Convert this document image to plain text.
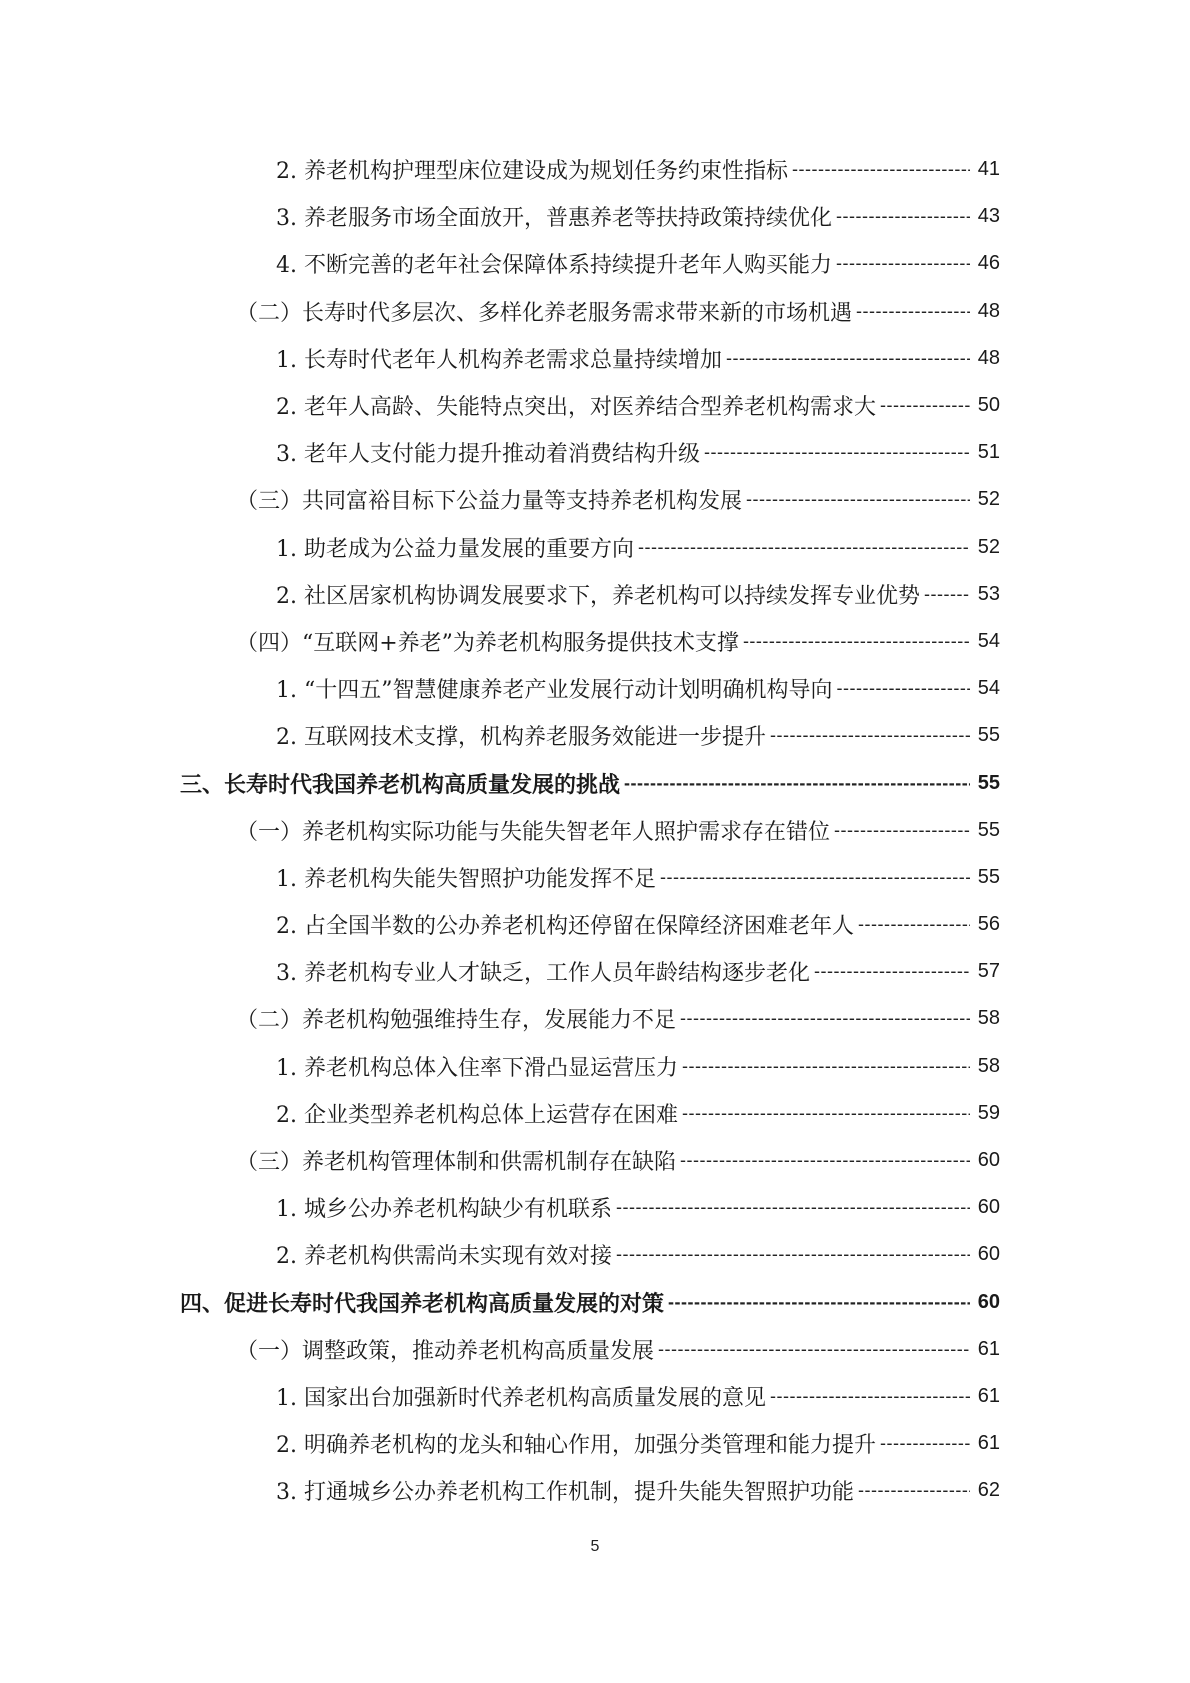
2. 养老机构护理型床位建设成为规划任务约束性指标 -----	41
3. 养老服务市场全面放开，普惠养老等扶持政策持续优化 -----	43
4. 不断完善的老年社会保障体系持续提升老年人购买能力 -----	46
（二）长寿时代多层次、多样化养老服务需求带来新的市场机遇 -----	48
1. 长寿时代老年人机构养老需求总量持续增加 -----	48
2. 老年人高龄、失能特点突出，对医养结合型养老机构需求大 -----	50
3. 老年人支付能力提升推动着消费结构升级 -----	51
（三）共同富裕目标下公益力量等支持养老机构发展 -----	52
1. 助老成为公益力量发展的重要方向 -----	52
2. 社区居家机构协调发展要求下，养老机构可以持续发挥专业优势 -----	53
（四）“互联网+养老”为养老机构服务提供技术支撑 -----	54
1. “十四五”智慧健康养老产业发展行动计划明确机构导向 -----	54
2. 互联网技术支撑，机构养老服务效能进一步提升 -----	55
三、长寿时代我国养老机构高质量发展的挑战 -----	55
（一）养老机构实际功能与失能失智老年人照护需求存在错位 -----	55
1. 养老机构失能失智照护功能发挥不足 -----	55
2. 占全国半数的公办养老机构还停留在保障经济困难老年人 -----	56
3. 养老机构专业人才缺乏，工作人员年龄结构逐步老化 -----	57
（二）养老机构勉强维持生存，发展能力不足 -----	58
1. 养老机构总体入住率下滑凸显运营压力 -----	58
2. 企业类型养老机构总体上运营存在困难 -----	59
（三）养老机构管理体制和供需机制存在缺陷 -----	60
1. 城乡公办养老机构缺少有机联系 -----	60
2. 养老机构供需尚未实现有效对接 -----	60
四、促进长寿时代我国养老机构高质量发展的对策 -----	60
（一）调整政策，推动养老机构高质量发展 -----	61
1. 国家出台加强新时代养老机构高质量发展的意见 -----	61
2. 明确养老机构的龙头和轴心作用，加强分类管理和能力提升 -----	61
3. 打通城乡公办养老机构工作机制，提升失能失智照护功能 -----	62
5
